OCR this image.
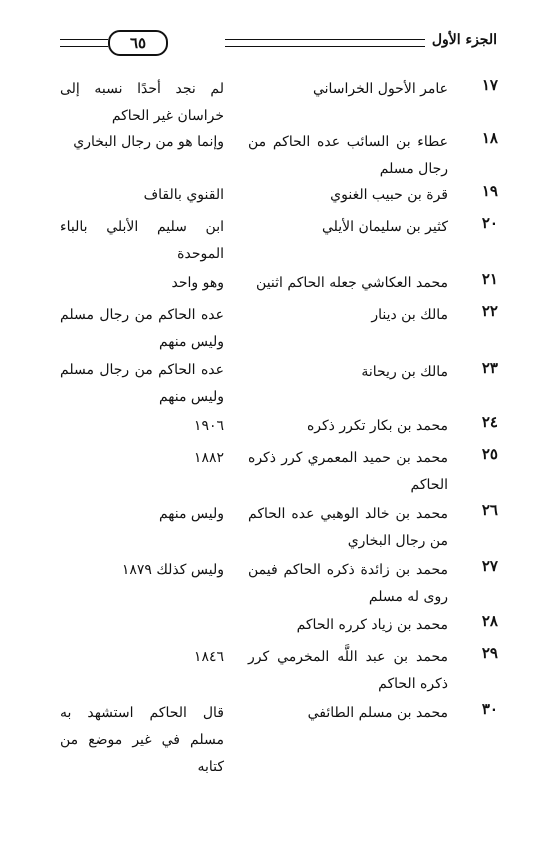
الجزء الأول
٦٥
١٧
عامر الأحول الخراساني
لم نجد أحدًا نسبه إلى خراسان غير الحاكم
١٨
عطاء بن السائب عده الحاكم من رجال مسلم
وإنما هو من رجال البخاري
١٩
قرة بن حبيب الغنوي
القنوي بالقاف
٢٠
كثير بن سليمان الأيلي
ابن سليم الأبلي بالباء الموحدة
٢١
محمد العكاشي جعله الحاكم اثنين
وهو واحد
٢٢
مالك بن دينار
عده الحاكم من رجال مسلم وليس منهم
٢٣
مالك بن ريحانة
عده الحاكم من رجال مسلم وليس منهم
٢٤
محمد بن بكار تكرر ذكره
١٩٠٦
٢٥
محمد بن حميد المعمري كرر ذكره الحاكم
١٨٨٢
٢٦
محمد بن خالد الوهبي عده الحاكم من رجال البخاري
وليس منهم
٢٧
محمد بن زائدة ذكره الحاكم فيمن روى له مسلم
وليس كذلك ١٨٧٩
٢٨
محمد بن زياد كرره الحاكم
٢٩
محمد بن عبد اللَّه المخرمي كرر ذكره الحاكم
١٨٤٦
٣٠
محمد بن مسلم الطائفي
قال الحاكم استشهد به مسلم في غير موضع من كتابه
